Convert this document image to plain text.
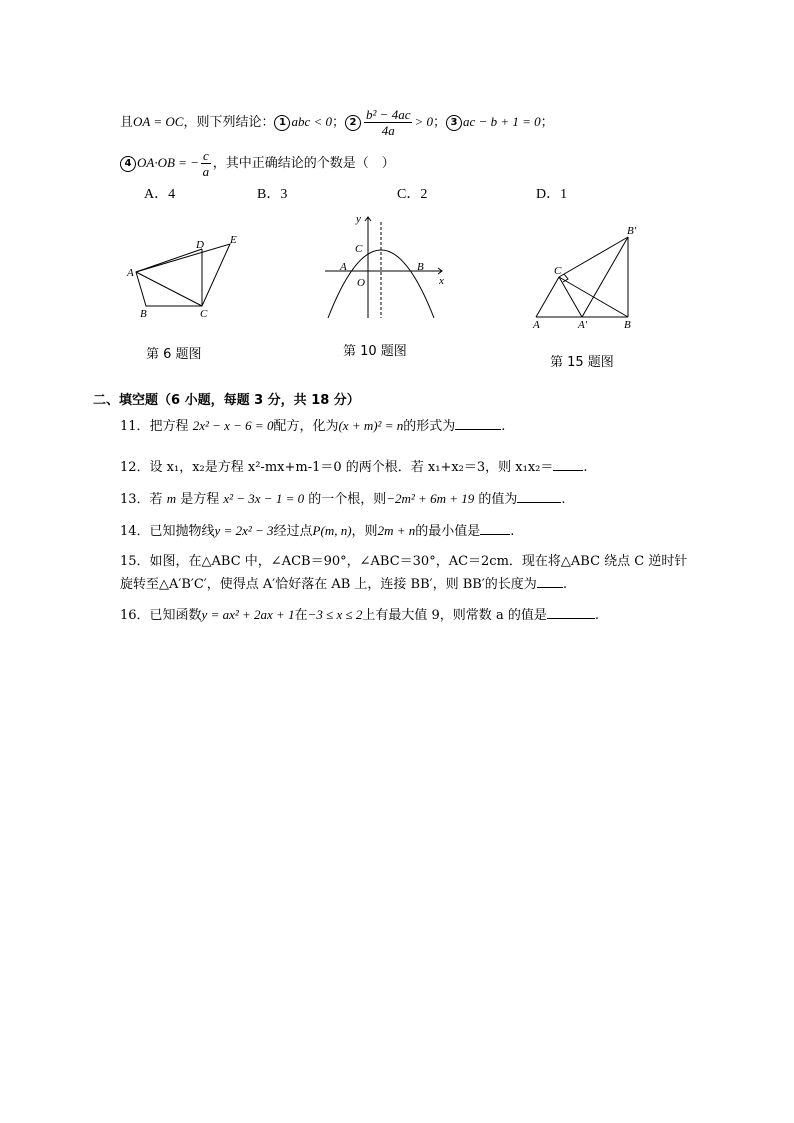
且OA = OC，则下列结论： 1 abc < 0； $2 \frac{\text{b² − 4ac}}{4a} > 0$； 3 ac − b + 1 = 0；
4 OA·OB = − $\frac{c}{a}$ ，其中正确结论的个数是（　）
A．4	B．3	C．2	D．1
A
B	C
D E
第 6 题图
y
x
C
A
O
B
第 10 题图
B′
C
A	A′	B
第 15 题图
二、填空题（6 小题，每题 3 分，共 18 分）
11．把方程 2x² − x − 6 = 0配方，化为(x + m)² = n的形式为	.
12．设 x₁，x₂是方程 x²-mx+m-1＝0 的两个根．若 x₁+x₂＝3，则 x₁x₂＝ .
13．若 m 是方程 x² − 3x − 1 = 0 的一个根，则−2m² + 6m + 19 的值为	.
14．已知抛物线y = 2x² − 3经过点P(m, n)，则2m + n的最小值是 .
15．如图，在△ABC 中，∠ACB＝90°，∠ABC＝30°，AC＝2cm．现在将△ABC 绕点 C 逆时针
旋转至△A′B′C′，使得点 A′恰好落在 AB 上，连接 BB′，则 BB′的长度为 .
16．已知函数y = ax² + 2ax + 1在−3 ≤ x ≤ 2上有最大值 9，则常数 a 的值是	.
